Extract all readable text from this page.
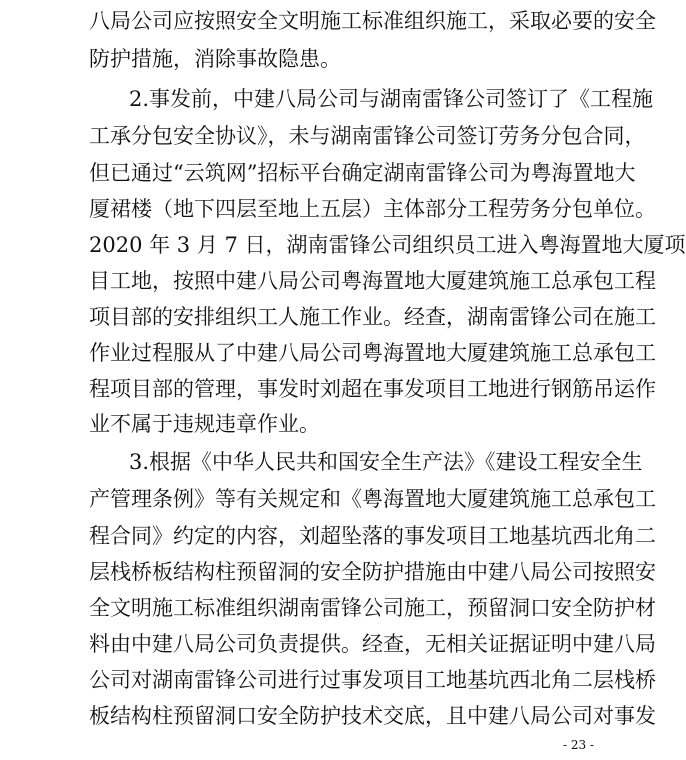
八局公司应按照安全文明施工标准组织施工，采取必要的安全
防护措施，消除事故隐患。
2.事发前，中建八局公司与湖南雷锋公司签订了《工程施
工承分包安全协议》，未与湖南雷锋公司签订劳务分包合同，
但已通过“云筑网”招标平台确定湖南雷锋公司为粤海置地大
厦裙楼（地下四层至地上五层）主体部分工程劳务分包单位。
2020 年 3 月 7 日，湖南雷锋公司组织员工进入粤海置地大厦项
目工地，按照中建八局公司粤海置地大厦建筑施工总承包工程
项目部的安排组织工人施工作业。经查，湖南雷锋公司在施工
作业过程服从了中建八局公司粤海置地大厦建筑施工总承包工
程项目部的管理，事发时刘超在事发项目工地进行钢筋吊运作
业不属于违规违章作业。
3.根据《中华人民共和国安全生产法》《建设工程安全生
产管理条例》等有关规定和《粤海置地大厦建筑施工总承包工
程合同》约定的内容，刘超坠落的事发项目工地基坑西北角二
层栈桥板结构柱预留洞的安全防护措施由中建八局公司按照安
全文明施工标准组织湖南雷锋公司施工，预留洞口安全防护材
料由中建八局公司负责提供。经查，无相关证据证明中建八局
公司对湖南雷锋公司进行过事发项目工地基坑西北角二层栈桥
板结构柱预留洞口安全防护技术交底，且中建八局公司对事发
- 23 -
